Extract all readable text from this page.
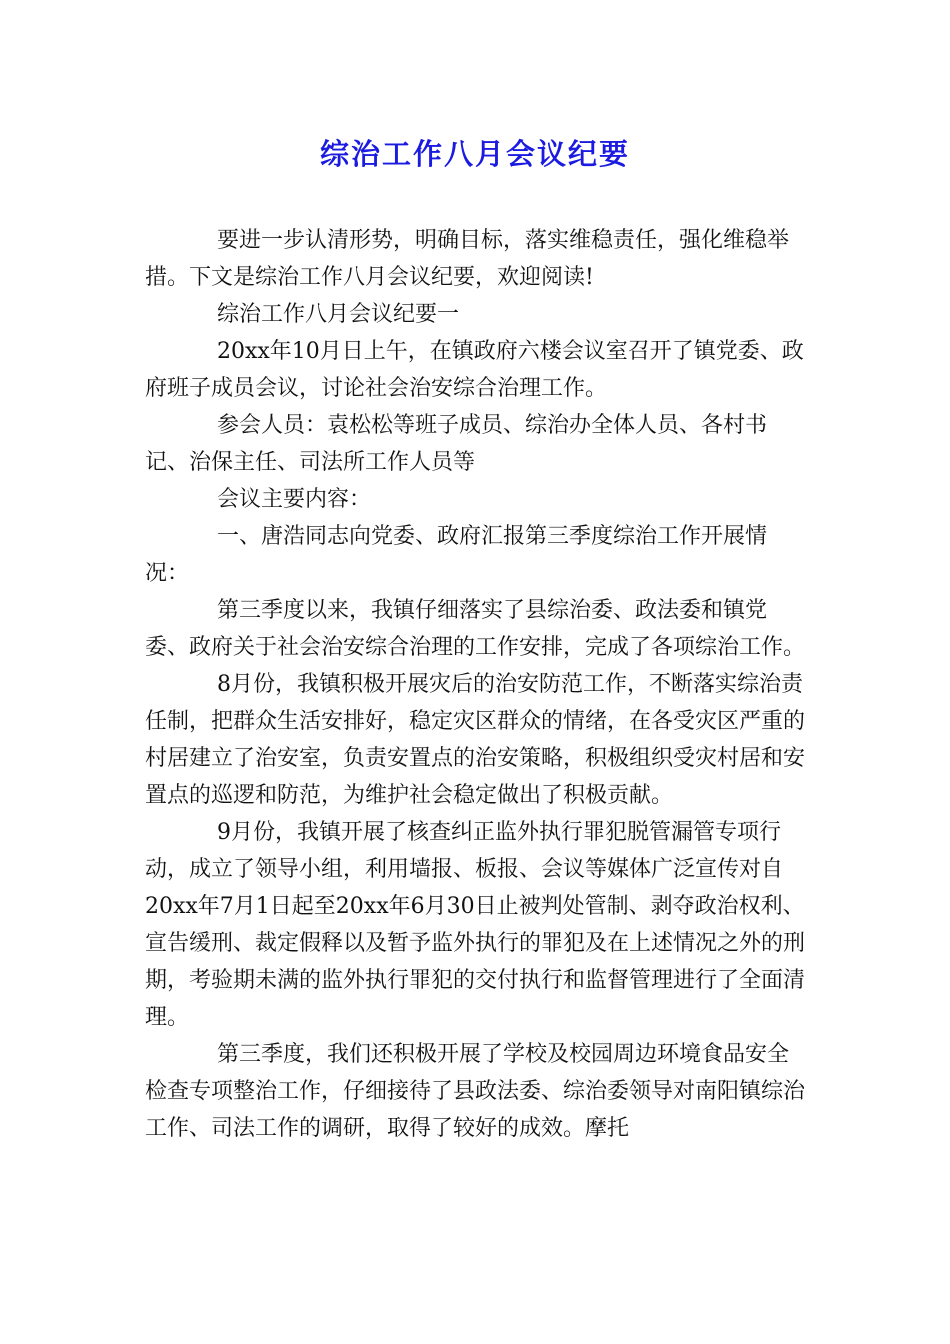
综治工作八月会议纪要

要进一步认清形势，明确目标，落实维稳责任，强化维稳举措。下文是综治工作八月会议纪要，欢迎阅读!

综治工作八月会议纪要一

20xx年10月日上午，在镇政府六楼会议室召开了镇党委、政府班子成员会议，讨论社会治安综合治理工作。

参会人员：袁松松等班子成员、综治办全体人员、各村书记、治保主任、司法所工作人员等

会议主要内容：

一、唐浩同志向党委、政府汇报第三季度综治工作开展情况：

第三季度以来，我镇仔细落实了县综治委、政法委和镇党委、政府关于社会治安综合治理的工作安排，完成了各项综治工作。

8月份，我镇积极开展灾后的治安防范工作，不断落实综治责任制，把群众生活安排好，稳定灾区群众的情绪，在各受灾区严重的村居建立了治安室，负责安置点的治安策略，积极组织受灾村居和安置点的巡逻和防范，为维护社会稳定做出了积极贡献。

9月份，我镇开展了核查纠正监外执行罪犯脱管漏管专项行动，成立了领导小组，利用墙报、板报、会议等媒体广泛宣传对自20xx年7月1日起至20xx年6月30日止被判处管制、剥夺政治权利、宣告缓刑、裁定假释以及暂予监外执行的罪犯及在上述情况之外的刑期，考验期未满的监外执行罪犯的交付执行和监督管理进行了全面清理。

第三季度，我们还积极开展了学校及校园周边环境食品安全检查专项整治工作，仔细接待了县政法委、综治委领导对南阳镇综治工作、司法工作的调研，取得了较好的成效。摩托
